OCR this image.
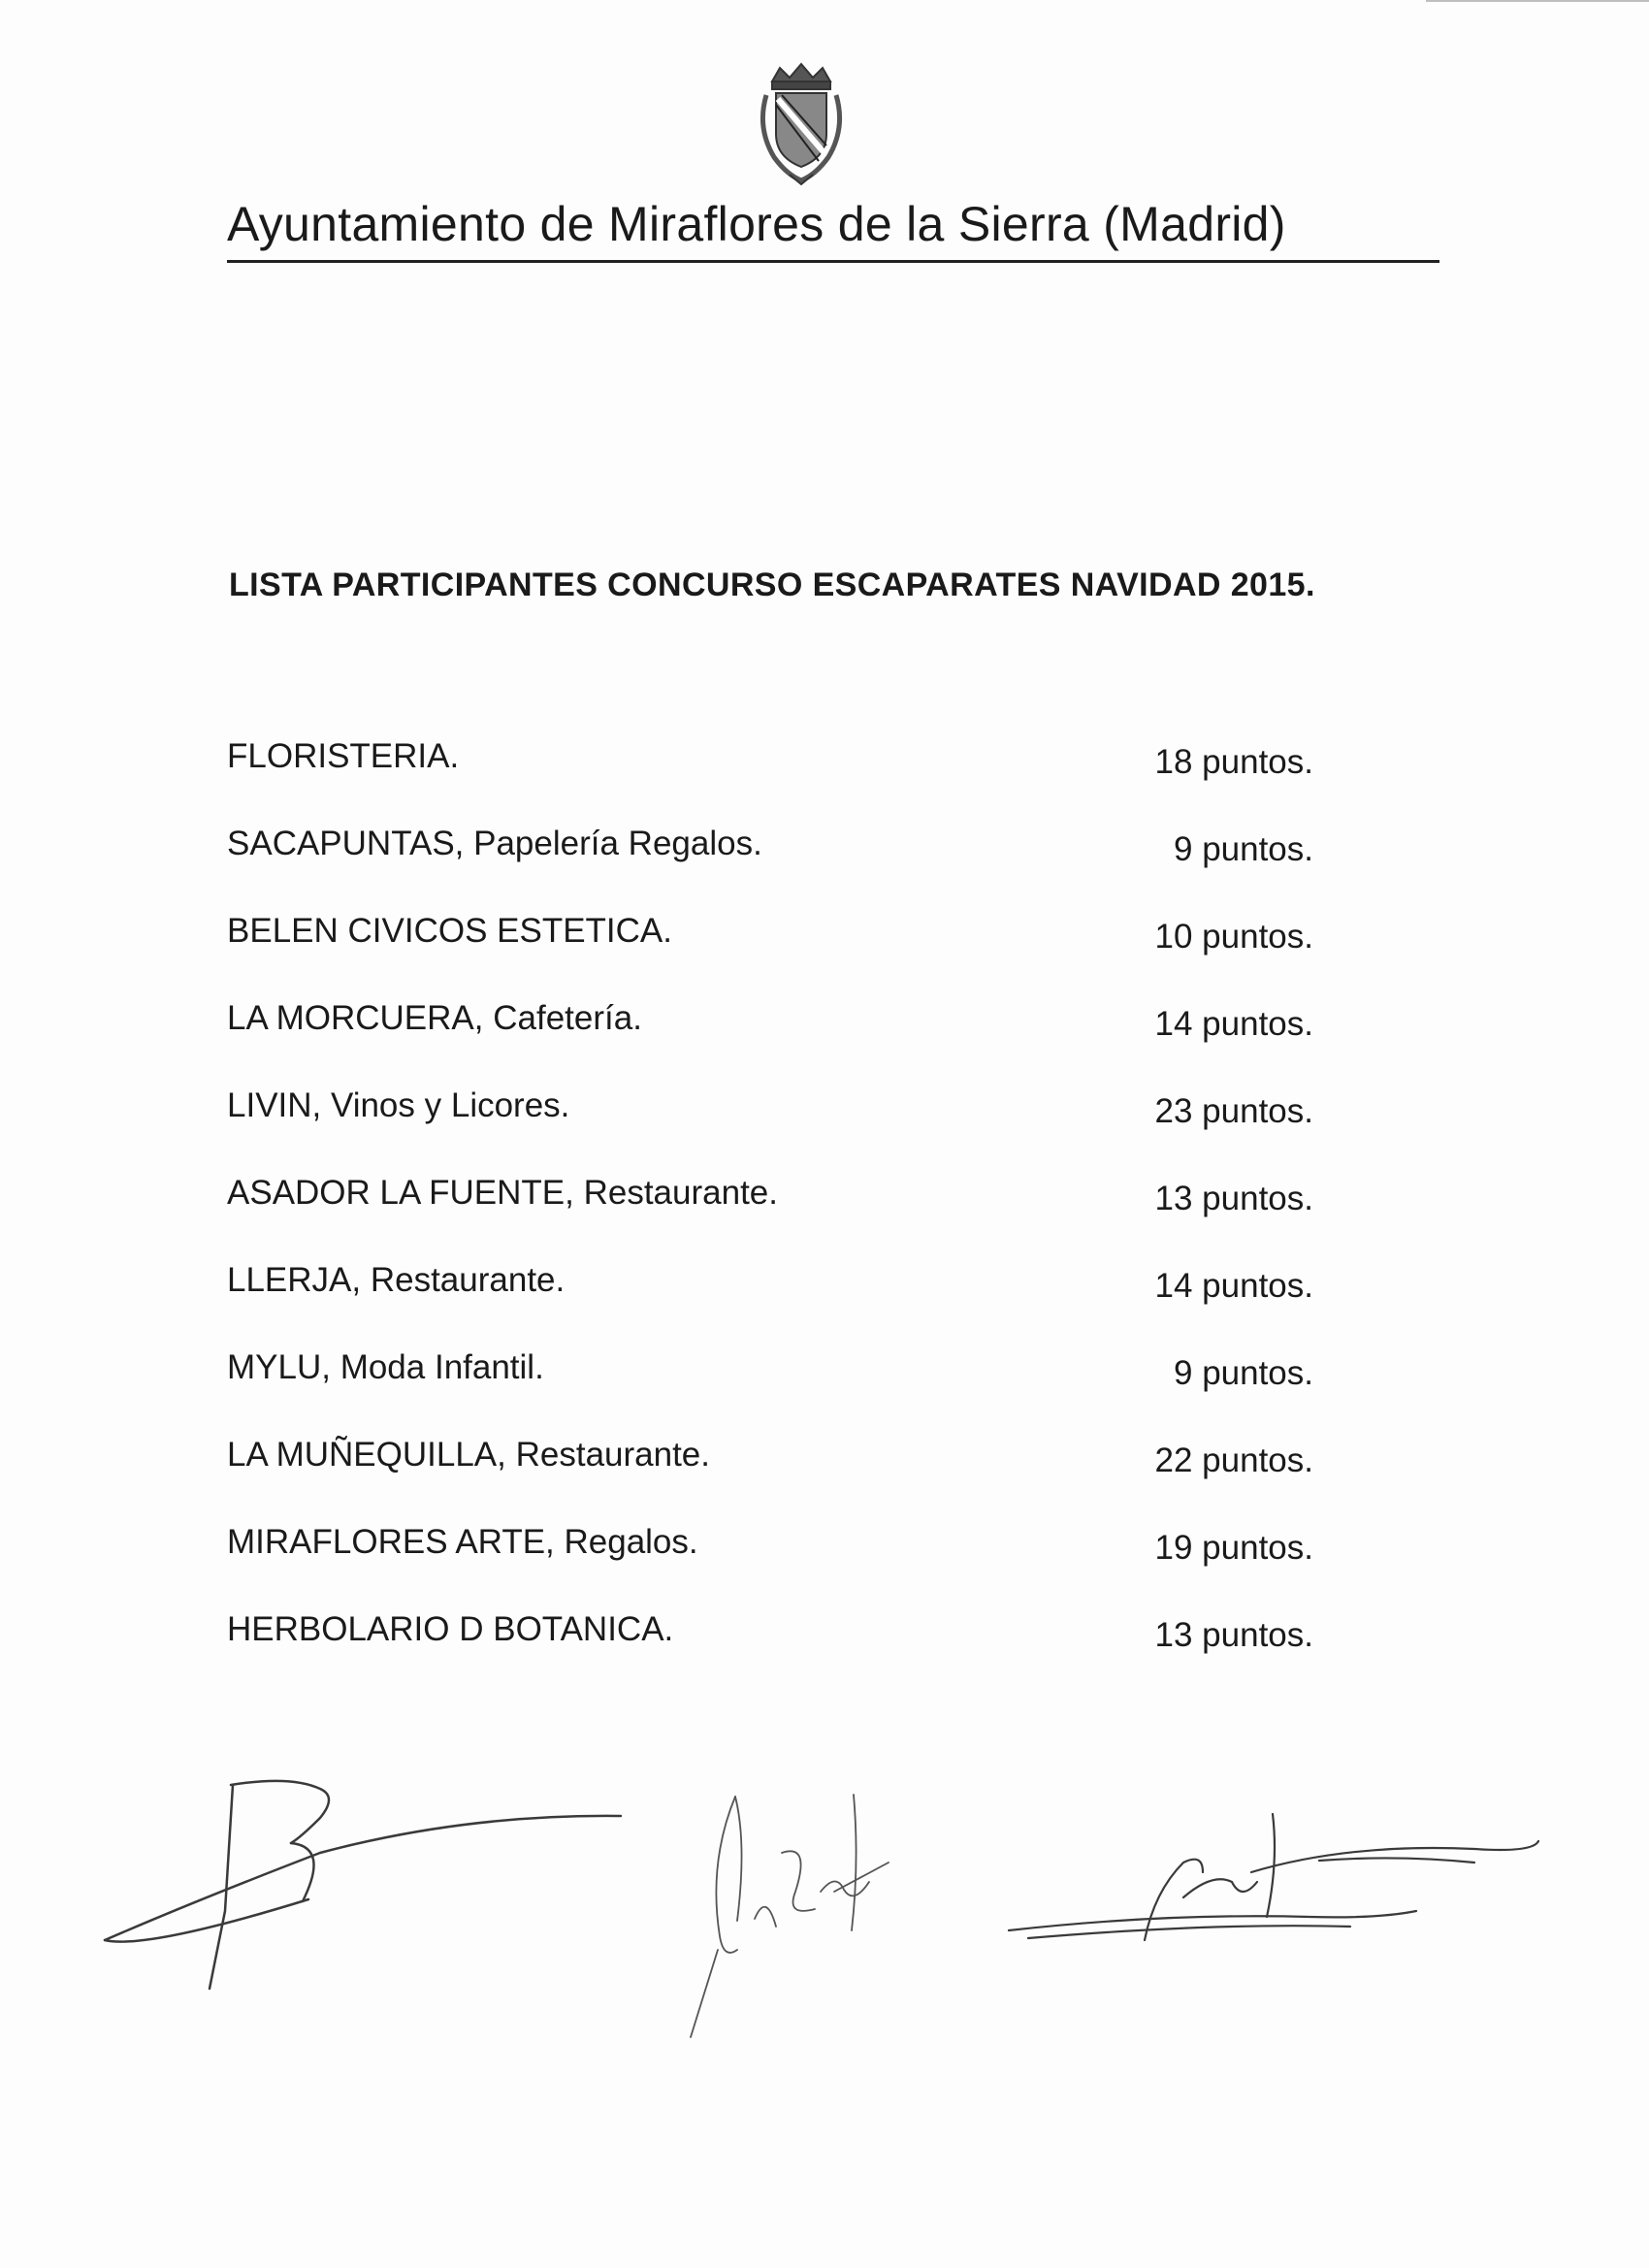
Ayuntamiento de Miraflores de la Sierra (Madrid)
LISTA PARTICIPANTES CONCURSO ESCAPARATES NAVIDAD 2015.
FLORISTERIA.	18 puntos.
SACAPUNTAS, Papelería Regalos.	9 puntos.
BELEN CIVICOS ESTETICA.	10 puntos.
LA MORCUERA, Cafetería.	14 puntos.
LIVIN, Vinos y Licores.	23 puntos.
ASADOR LA FUENTE, Restaurante.	13 puntos.
LLERJA, Restaurante.	14 puntos.
MYLU, Moda Infantil.	9 puntos.
LA MUÑEQUILLA, Restaurante.	22 puntos.
MIRAFLORES ARTE, Regalos.	19 puntos.
HERBOLARIO D BOTANICA.	13 puntos.
